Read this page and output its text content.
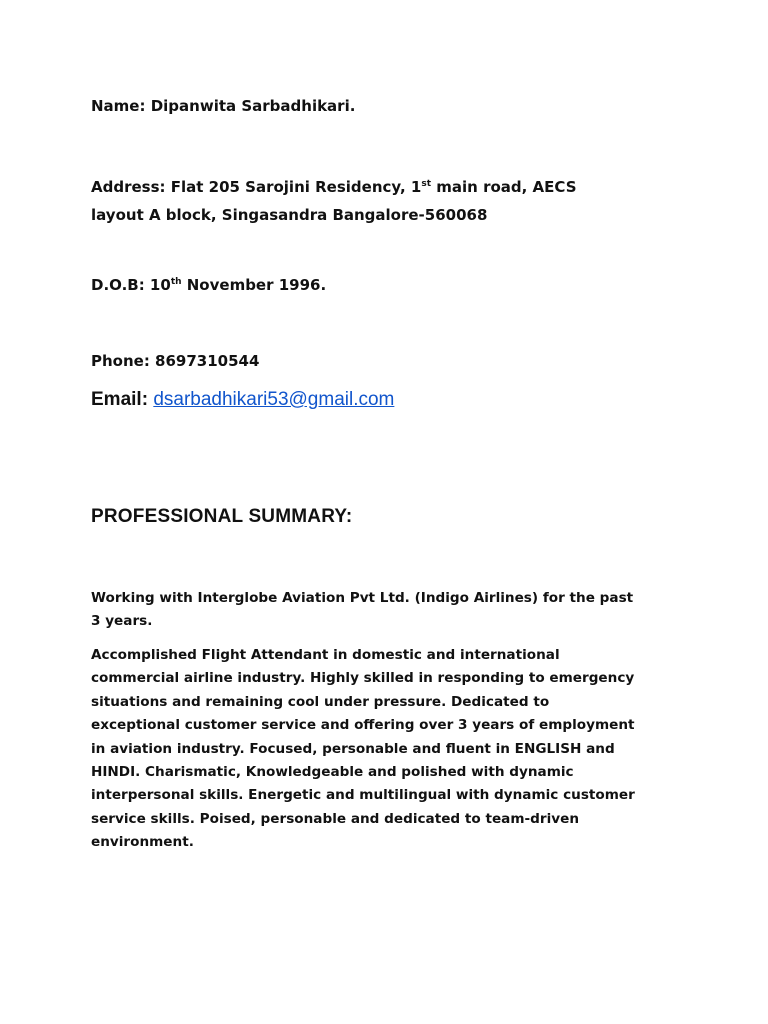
Name: Dipanwita Sarbadhikari.
Address: Flat 205 Sarojini Residency, 1st main road, AECS
layout A block, Singasandra Bangalore-560068
D.O.B: 10th November 1996.
Phone: 8697310544
Email: dsarbadhikari53@gmail.com
PROFESSIONAL SUMMARY:
Working with Interglobe Aviation Pvt Ltd. (Indigo Airlines) for the past
3 years.
Accomplished Flight Attendant in domestic and international
commercial airline industry. Highly skilled in responding to emergency
situations and remaining cool under pressure. Dedicated to
exceptional customer service and offering over 3 years of employment
in aviation industry. Focused, personable and fluent in ENGLISH and
HINDI. Charismatic, Knowledgeable and polished with dynamic
interpersonal skills. Energetic and multilingual with dynamic customer
service skills. Poised, personable and dedicated to team-driven
environment.
